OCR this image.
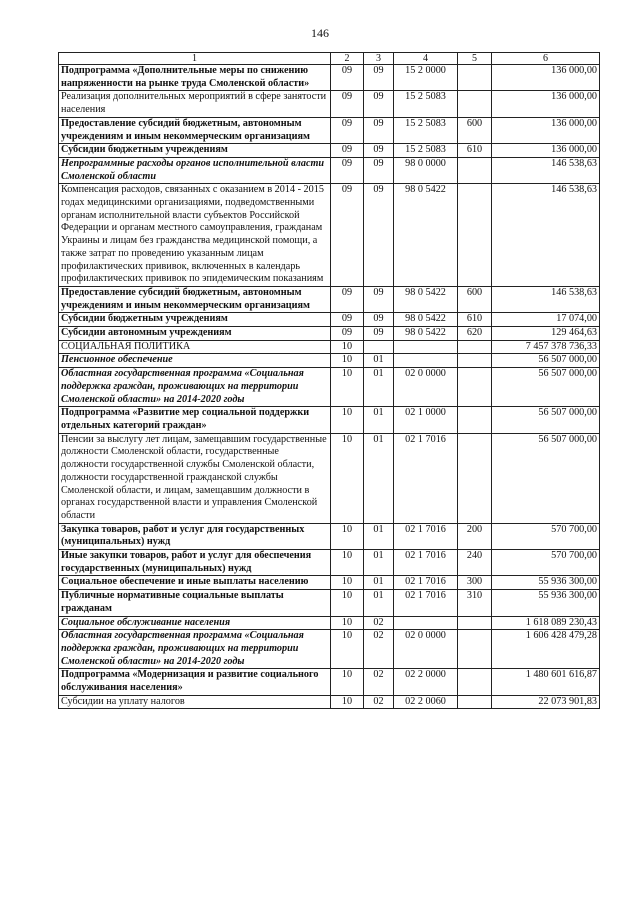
146
1	2	3	4	5	6
Подпрограмма «Дополнительные меры по снижению напряженности на рынке труда Смоленской области»	09	09	15 2 0000		136 000,00
Реализация дополнительных мероприятий в сфере занятости населения	09	09	15 2 5083		136 000,00
Предоставление субсидий бюджетным, автономным учреждениям и иным некоммерческим организациям	09	09	15 2 5083	600	136 000,00
Субсидии бюджетным учреждениям	09	09	15 2 5083	610	136 000,00
Непрограммные расходы органов исполнительной власти Смоленской области	09	09	98 0 0000		146 538,63
Компенсация расходов, связанных с оказанием в 2014 - 2015 годах медицинскими организациями, подведомственными органам исполнительной власти субъектов Российской Федерации и органам местного самоуправления, гражданам Украины и лицам без гражданства медицинской помощи, а также затрат по проведению указанным лицам профилактических прививок, включенных в календарь профилактических прививок по эпидемическим показаниям	09	09	98 0 5422		146 538,63
Предоставление субсидий бюджетным, автономным учреждениям и иным некоммерческим организациям	09	09	98 0 5422	600	146 538,63
Субсидии бюджетным учреждениям	09	09	98 0 5422	610	17 074,00
Субсидии автономным учреждениям	09	09	98 0 5422	620	129 464,63
СОЦИАЛЬНАЯ ПОЛИТИКА	10				7 457 378 736,33
Пенсионное обеспечение	10	01			56 507 000,00
Областная государственная программа «Социальная поддержка граждан, проживающих на территории Смоленской области» на 2014-2020 годы	10	01	02 0 0000		56 507 000,00
Подпрограмма «Развитие мер социальной поддержки отдельных категорий граждан»	10	01	02 1 0000		56 507 000,00
Пенсии за выслугу лет лицам, замещавшим государственные должности Смоленской области, государственные должности государственной службы Смоленской области, должности государственной гражданской службы Смоленской области, и лицам, замещавшим должности в органах государственной власти и управления Смоленской области	10	01	02 1 7016		56 507 000,00
Закупка товаров, работ и услуг для государственных (муниципальных) нужд	10	01	02 1 7016	200	570 700,00
Иные закупки товаров, работ и услуг для обеспечения государственных (муниципальных) нужд	10	01	02 1 7016	240	570 700,00
Социальное обеспечение и иные выплаты населению	10	01	02 1 7016	300	55 936 300,00
Публичные нормативные социальные выплаты гражданам	10	01	02 1 7016	310	55 936 300,00
Социальное обслуживание населения	10	02			1 618 089 230,43
Областная государственная программа «Социальная поддержка граждан, проживающих на территории Смоленской области» на 2014-2020 годы	10	02	02 0 0000		1 606 428 479,28
Подпрограмма «Модернизация и развитие социального обслуживания населения»	10	02	02 2 0000		1 480 601 616,87
Субсидии на уплату налогов	10	02	02 2 0060		22 073 901,83
